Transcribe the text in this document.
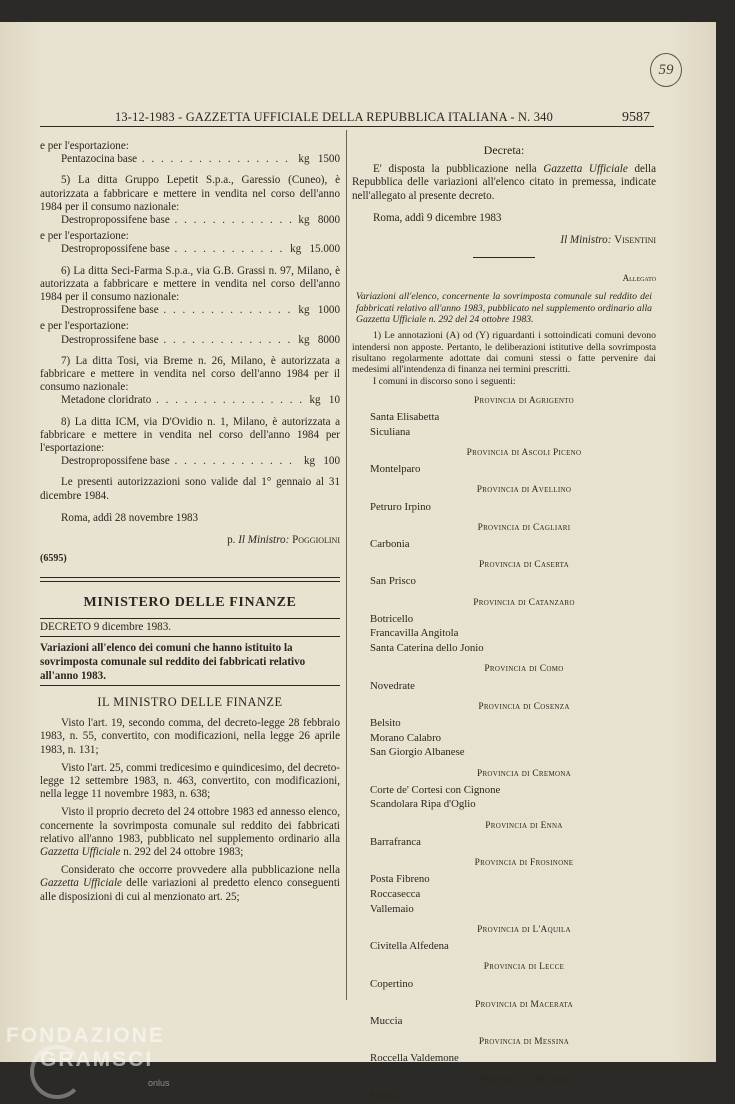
59
13-12-1983 - GAZZETTA UFFICIALE DELLA REPUBBLICA ITALIANA - N. 340	9587

e per l'esportazione:

Pentazocina base . . .	kg 1500

5) La ditta Gruppo Lepetit S.p.a., Garessio (Cuneo), è autorizzata a fabbricare e mettere in vendita nel corso dell'anno 1984 per il consumo nazionale:

Destropropossifene base . . .	kg 8000

e per l'esportazione:

Destropropossifene base . . .	kg 15.000

6) La ditta Seci-Farma S.p.a., via G.B. Grassi n. 97, Milano, è autorizzata a fabbricare e mettere in vendita nel corso dell'anno 1984 per il consumo nazionale:

Destroprossifene base . . .	kg 1000

e per l'esportazione:

Destroprossifene base . . .	kg 8000

7) La ditta Tosi, via Breme n. 26, Milano, è autorizzata a fabbricare e mettere in vendita nel corso dell'anno 1984 per il consumo nazionale:

Metadone cloridrato . . .	kg 10

8) La ditta ICM, via D'Ovidio n. 1, Milano, è autorizzata a fabbricare e mettere in vendita nel corso dell'anno 1984 per l'esportazione:

Destropropossifene base . . .	kg 100

Le presenti autorizzazioni sono valide dal 1° gennaio al 31 dicembre 1984.

Roma, addì 28 novembre 1983

p. Il Ministro: Poggiolini

(6595)

MINISTERO DELLE FINANZE
DECRETO 9 dicembre 1983.
Variazioni all'elenco dei comuni che hanno istituito la sovrimposta comunale sul reddito dei fabbricati relativo all'anno 1983.
IL MINISTRO DELLE FINANZE

Visto l'art. 19, secondo comma, del decreto-legge 28 febbraio 1983, n. 55, convertito, con modificazioni, nella legge 26 aprile 1983, n. 131;

Visto l'art. 25, commi tredicesimo e quindicesimo, del decreto-legge 12 settembre 1983, n. 463, convertito, con modificazioni, nella legge 11 novembre 1983, n. 638;

Visto il proprio decreto del 24 ottobre 1983 ed annesso elenco, concernente la sovrimposta comunale sul reddito dei fabbricati relativo all'anno 1983, pubblicato nel supplemento ordinario alla Gazzetta Ufficiale n. 292 del 24 ottobre 1983;

Considerato che occorre provvedere alla pubblicazione nella Gazzetta Ufficiale delle variazioni al predetto elenco conseguenti alle disposizioni di cui al menzionato art. 25;

Decreta:

E' disposta la pubblicazione nella Gazzetta Ufficiale della Repubblica delle variazioni all'elenco citato in premessa, indicate nell'allegato al presente decreto.

Roma, addì 9 dicembre 1983

Il Ministro: Visentini

Allegato

Variazioni all'elenco, concernente la sovrimposta comunale sul reddito dei fabbricati relativo all'anno 1983, pubblicato nel supplemento ordinario alla Gazzetta Ufficiale n. 292 del 24 ottobre 1983.

1) Le annotazioni (A) od (Y) riguardanti i sottoindicati comuni devono intendersi non apposte. Pertanto, le deliberazioni istitutive della sovrimposta risultano regolarmente adottate dai comuni stessi o fatte pervenire dai medesimi all'intendenza di finanza nei termini prescritti.

I comuni in discorso sono i seguenti:

Provincia di Agrigento
Santa Elisabetta
Siculiana
Provincia di Ascoli Piceno
Montelparo
Provincia di Avellino
Petruro Irpino
Provincia di Cagliari
Carbonia
Provincia di Caserta
San Prisco
Provincia di Catanzaro
Botricello
Francavilla Angitola
Santa Caterina dello Jonio
Provincia di Como
Novedrate
Provincia di Cosenza
Belsito
Morano Calabro
San Giorgio Albanese
Provincia di Cremona
Corte de' Cortesi con Cignone
Scandolara Ripa d'Oglio
Provincia di Enna
Barrafranca
Provincia di Frosinone
Posta Fibreno
Roccasecca
Vallemaio
Provincia di L'Aquila
Civitella Alfedena
Provincia di Lecce
Copertino
Provincia di Macerata
Muccia
Provincia di Messina
Roccella Valdemone
Provincia di Milano
Sordio
FONDAZIONE
GRAMSCI
onlus
